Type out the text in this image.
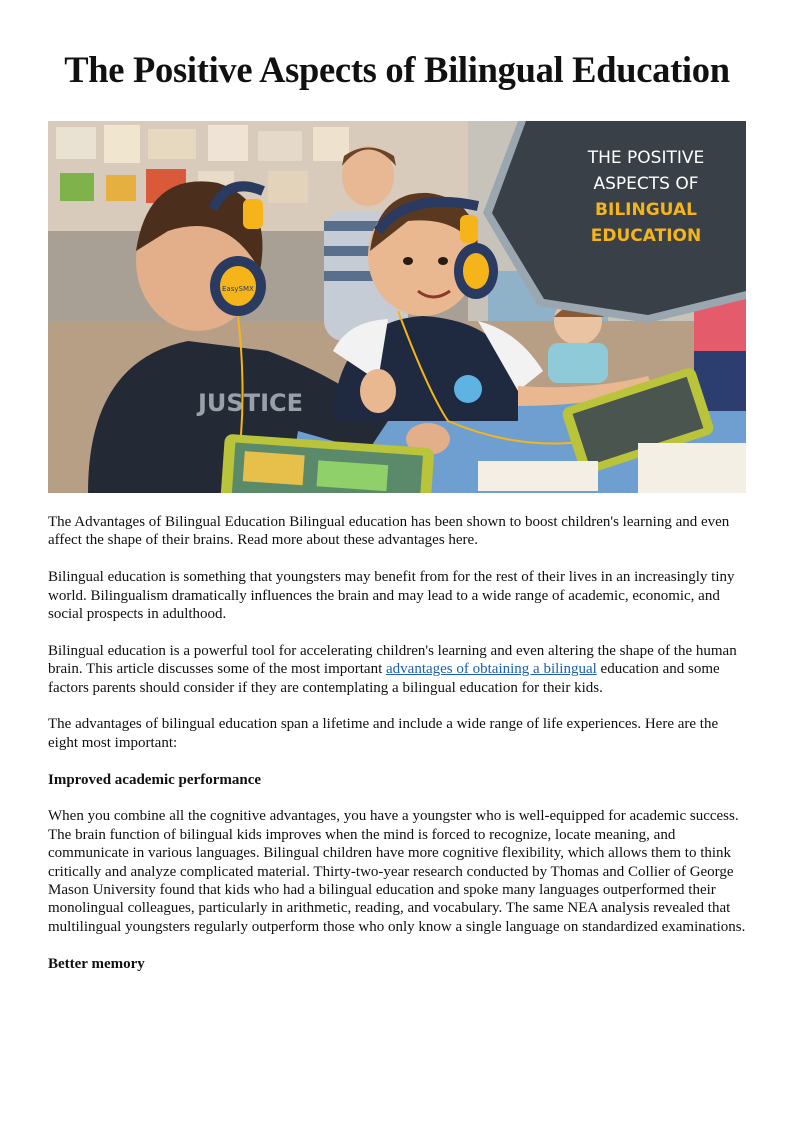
The Positive Aspects of Bilingual Education
JUSTICE
EasySMX
THE POSITIVE
ASPECTS OF
BILINGUAL EDUCATION

The Advantages of Bilingual Education Bilingual education has been shown to boost children's learning and even affect the shape of their brains. Read more about these advantages here.

Bilingual education is something that youngsters may benefit from for the rest of their lives in an increasingly tiny world. Bilingualism dramatically influences the brain and may lead to a wide range of academic, economic, and social prospects in adulthood.

Bilingual education is a powerful tool for accelerating children's learning and even altering the shape of the human brain. This article discusses some of the most important advantages of obtaining a bilingual education and some factors parents should consider if they are contemplating a bilingual education for their kids.

The advantages of bilingual education span a lifetime and include a wide range of life experiences. Here are the eight most important:

Improved academic performance

When you combine all the cognitive advantages, you have a youngster who is well-equipped for academic success. The brain function of bilingual kids improves when the mind is forced to recognize, locate meaning, and communicate in various languages. Bilingual children have more cognitive flexibility, which allows them to think critically and analyze complicated material. Thirty-two-year research conducted by Thomas and Collier of George Mason University found that kids who had a bilingual education and spoke many languages outperformed their monolingual colleagues, particularly in arithmetic, reading, and vocabulary. The same NEA analysis revealed that multilingual youngsters regularly outperform those who only know a single language on standardized examinations.

Better memory
